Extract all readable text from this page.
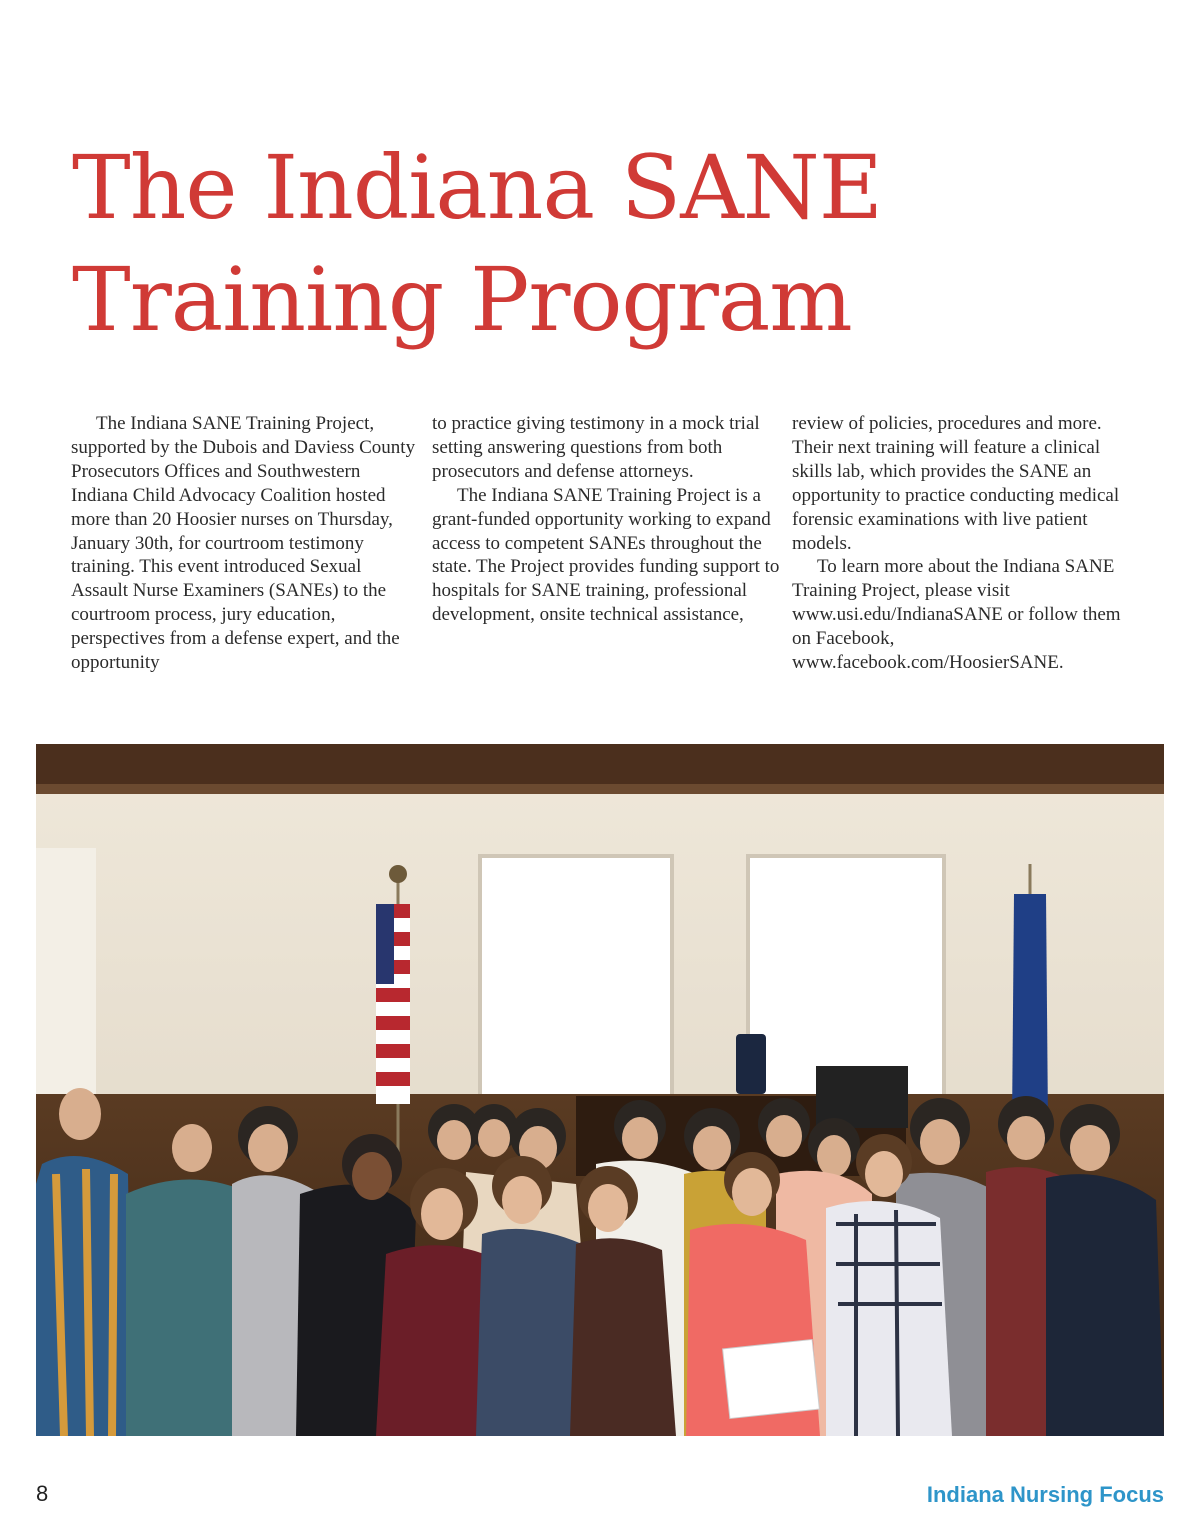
The Indiana SANE
Training Program

The Indiana SANE Training Project, supported by the Dubois and Daviess County Prosecutors Offices and Southwestern Indiana Child Advocacy Coalition hosted more than 20 Hoosier nurses on Thursday, January 30th, for courtroom testimony training. This event introduced Sexual Assault Nurse Examiners (SANEs) to the courtroom process, jury education, perspectives from a defense expert, and the opportunity

to practice giving testimony in a mock trial setting answering questions from both prosecutors and defense attorneys.

The Indiana SANE Training Project is a grant-funded opportunity working to expand access to competent SANEs throughout the state. The Project provides funding support to hospitals for SANE training, professional development, onsite technical assistance,

review of policies, procedures and more. Their next training will feature a clinical skills lab, which provides the SANE an opportunity to practice conducting medical forensic examinations with live patient models.

To learn more about the Indiana SANE Training Project, please visit www.usi.edu/IndianaSANE or follow them on Facebook, www.facebook.com/HoosierSANE.

8	Indiana Nursing Focus
